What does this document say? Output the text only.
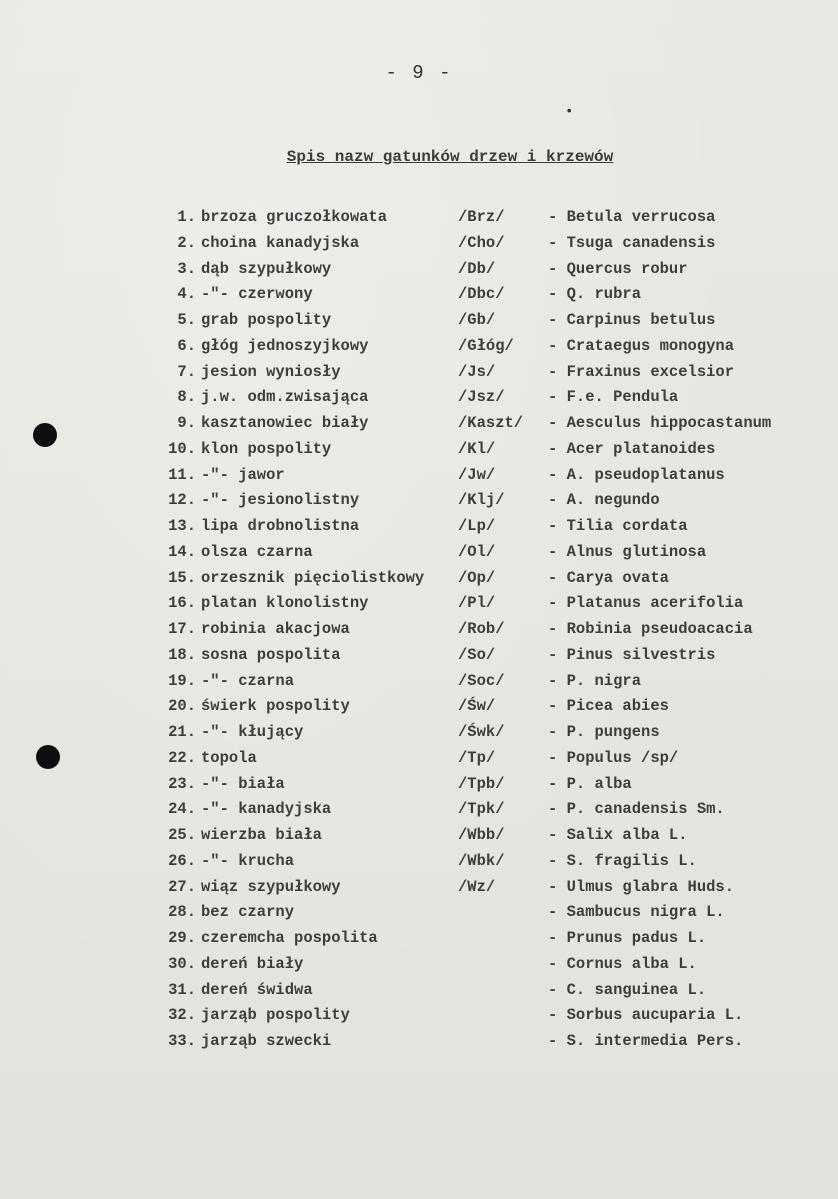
- 9 -
•
Spis nazw gatunków drzew i krzewów
1. brzoza gruczołkowata	/Brz/	- Betula verrucosa
2. choina kanadyjska	/Cho/	- Tsuga canadensis
3. dąb szypułkowy	/Db/	- Quercus robur
4. -"- czerwony	/Dbc/	- Q. rubra
5. grab pospolity	/Gb/	- Carpinus betulus
6. głóg jednoszyjkowy	/Głóg/ - Crataegus monogyna
7. jesion wyniosły	/Js/	- Fraxinus excelsior
8. j.w. odm.zwisająca	/Jsz/	- F.e. Pendula
9. kasztanowiec biały	/Kaszt/ - Aesculus hippocastanum
10. klon pospolity	/Kl/	- Acer platanoides
11. -"- jawor	/Jw/	- A. pseudoplatanus
12. -"- jesionolistny	/Klj/	- A. negundo
13. lipa drobnolistna	/Lp/	- Tilia cordata
14. olsza czarna	/Ol/	- Alnus glutinosa
15. orzesznik pięciolistkowy /Op/	- Carya ovata
16. platan klonolistny	/Pl/	- Platanus acerifolia
17. robinia akacjowa	/Rob/	- Robinia pseudoacacia
18. sosna pospolita	/So/	- Pinus silvestris
19. -"- czarna	/Soc/	- P. nigra
20. świerk pospolity	/Św/	- Picea abies
21. -"- kłujący	/Śwk/	- P. pungens
22. topola	/Tp/	- Populus /sp/
23. -"- biała	/Tpb/	- P. alba
24. -"- kanadyjska	/Tpk/	- P. canadensis Sm.
25. wierzba biała	/Wbb/	- Salix alba L.
26. -"- krucha	/Wbk/	- S. fragilis L.
27. wiąz szypułkowy	/Wz/	- Ulmus glabra Huds.
28. bez czarny	- Sambucus nigra L.
29. czeremcha pospolita	- Prunus padus L.
30. dereń biały	- Cornus alba L.
31. dereń świdwa	- C. sanguinea L.
32. jarząb pospolity	- Sorbus aucuparia L.
33. jarząb szwecki	- S. intermedia Pers.
